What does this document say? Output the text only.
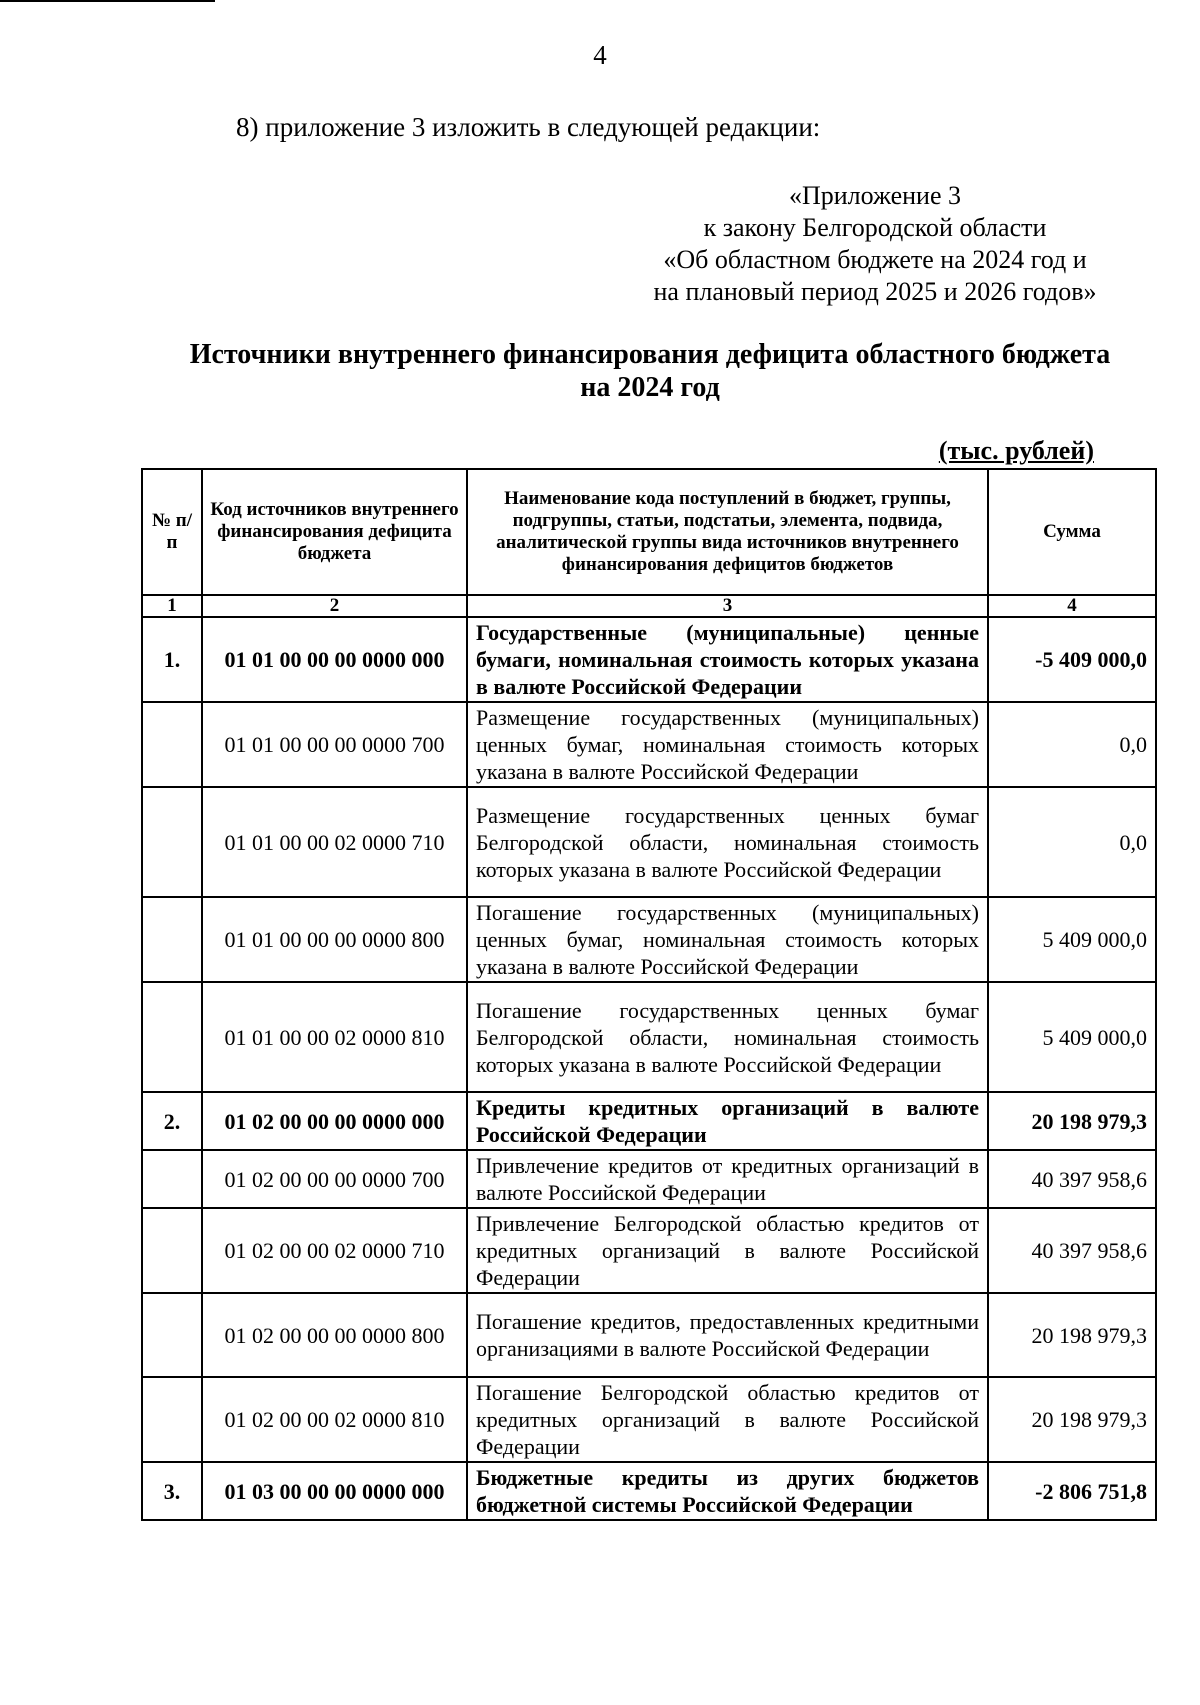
4
8) приложение 3 изложить в следующей редакции:
«Приложение 3
к закону Белгородской области
«Об областном бюджете на 2024 год и
на плановый период 2025 и 2026 годов»
Источники внутреннего финансирования дефицита областного бюджета
на 2024 год
(тыс. рублей)
№ п/п	Код источников внутреннего финансирования дефицита бюджета	Наименование кода поступлений в бюджет, группы, подгруппы, статьи, подстатьи, элемента, подвида, аналитической группы вида источников внутреннего финансирования дефицитов бюджетов	Сумма
1	2	3	4
1.	01 01 00 00 00 0000 000	Государственные (муниципальные) ценные бумаги, номинальная стоимость которых указана в валюте Российской Федерации	-5 409 000,0
	01 01 00 00 00 0000 700	Размещение государственных (муниципальных) ценных бумаг, номинальная стоимость которых указана в валюте Российской Федерации	0,0
	01 01 00 00 02 0000 710	Размещение государственных ценных бумаг Белгородской области, номинальная стоимость которых указана в валюте Российской Федерации	0,0
	01 01 00 00 00 0000 800	Погашение государственных (муниципальных) ценных бумаг, номинальная стоимость которых указана в валюте Российской Федерации	5 409 000,0
	01 01 00 00 02 0000 810	Погашение государственных ценных бумаг Белгородской области, номинальная стоимость которых указана в валюте Российской Федерации	5 409 000,0
2.	01 02 00 00 00 0000 000	Кредиты кредитных организаций в валюте Российской Федерации	20 198 979,3
	01 02 00 00 00 0000 700	Привлечение кредитов от кредитных организаций в валюте Российской Федерации	40 397 958,6
	01 02 00 00 02 0000 710	Привлечение Белгородской областью кредитов от кредитных организаций в валюте Российской Федерации	40 397 958,6
	01 02 00 00 00 0000 800	Погашение кредитов, предоставленных кредитными организациями в валюте Российской Федерации	20 198 979,3
	01 02 00 00 02 0000 810	Погашение Белгородской областью кредитов от кредитных организаций в валюте Российской Федерации	20 198 979,3
3.	01 03 00 00 00 0000 000	Бюджетные кредиты из других бюджетов бюджетной системы Российской Федерации	-2 806 751,8
